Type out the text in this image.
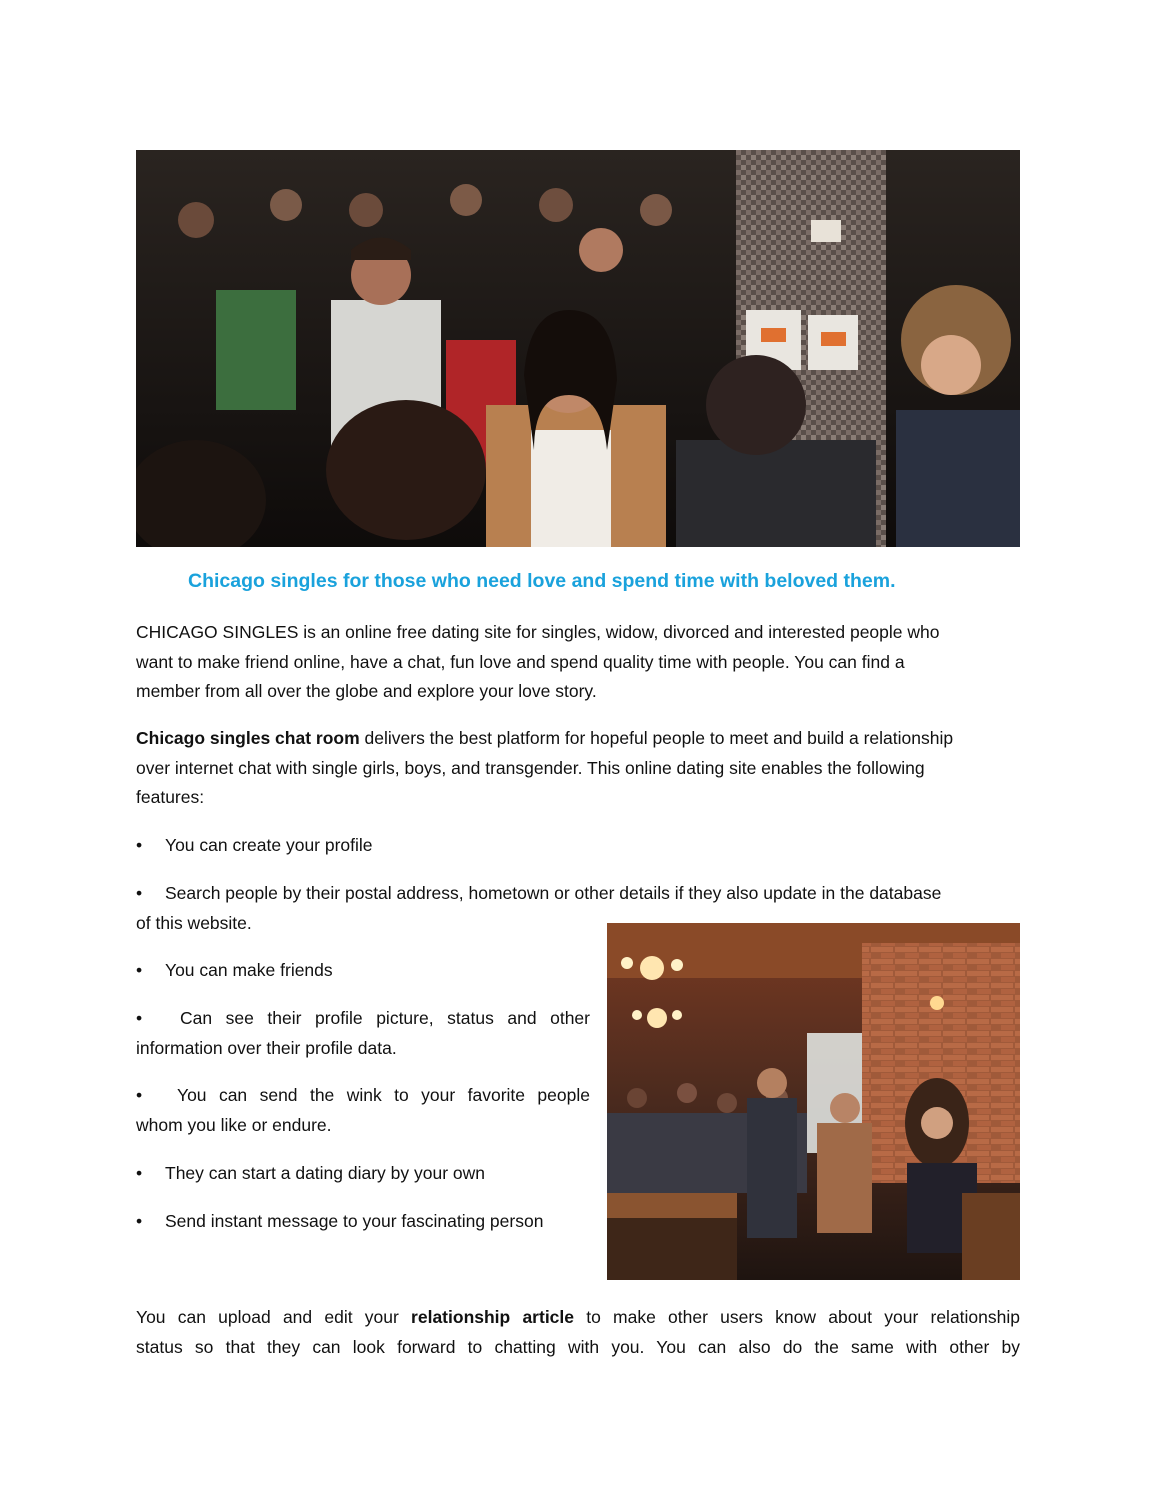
Chicago singles for those who need love and spend time with beloved them.
CHICAGO SINGLES is an online free dating site for singles, widow, divorced and interested people who
want to make friend online, have a chat, fun love and spend quality time with people. You can find a
member from all over the globe and explore your love story.
Chicago singles chat room delivers the best platform for hopeful people to meet and build a relationship
over internet chat with single girls, boys, and transgender. This online dating site enables the following
features:
• You can create your profile
• Search people by their postal address, hometown or other details if they also update in the database
of this website.
• You can make friends
• Can see their profile picture, status and other
information over their profile data.
• You can send the wink to your favorite people
whom you like or endure.
• They can start a dating diary by your own
• Send instant message to your fascinating person
You can upload and edit your relationship article to make other users know about your relationship
status so that they can look forward to chatting with you. You can also do the same with other by
